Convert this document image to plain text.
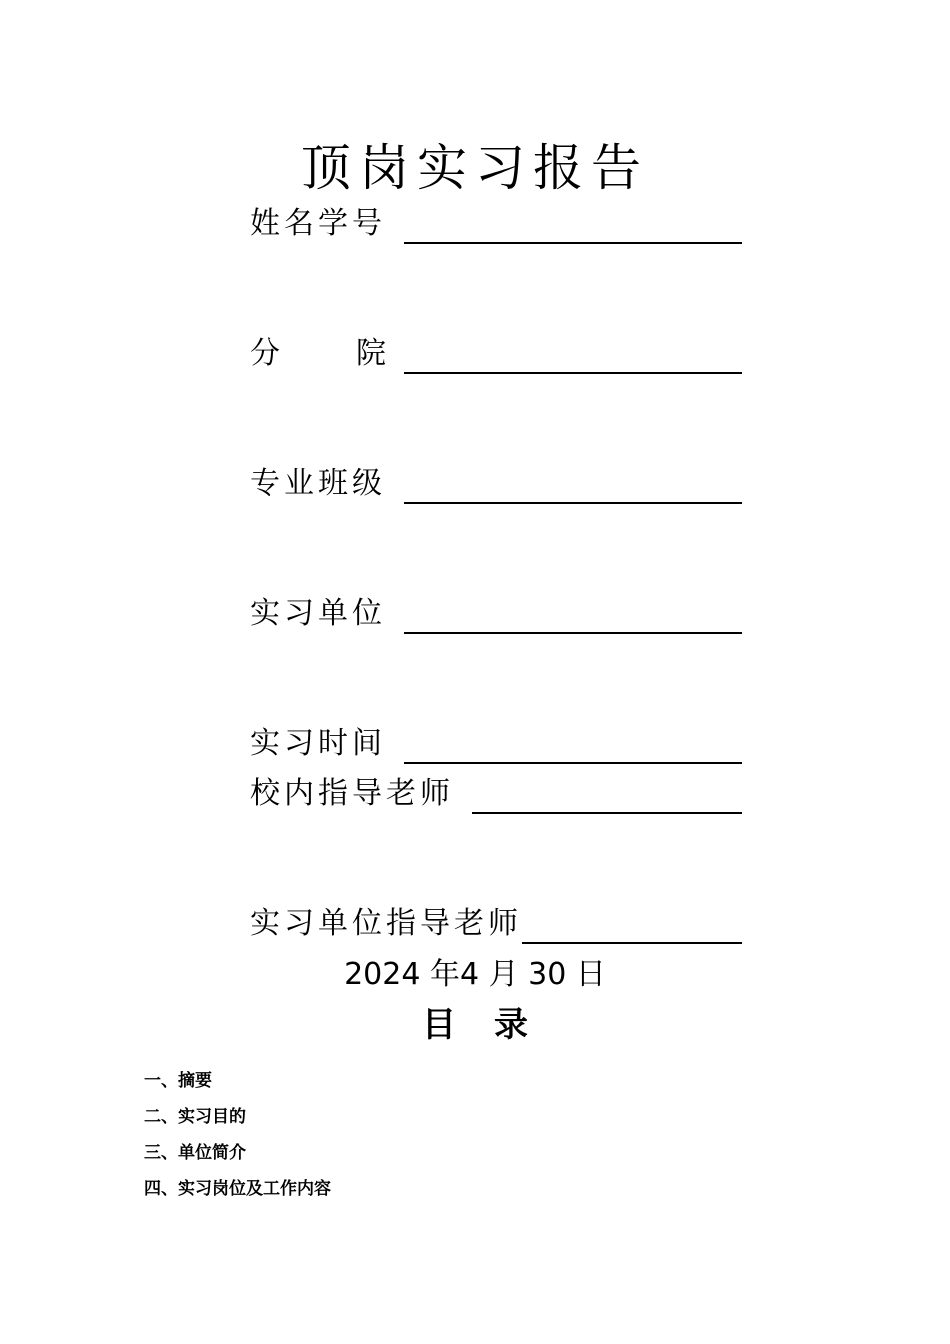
顶岗实习报告
姓名学号
分	院
专业班级
实习单位
实习时间
校内指导老师
实习单位指导老师
2024 年4 月 30 日
目 录
一、摘要
二、实习目的
三、单位简介
四、实习岗位及工作内容
